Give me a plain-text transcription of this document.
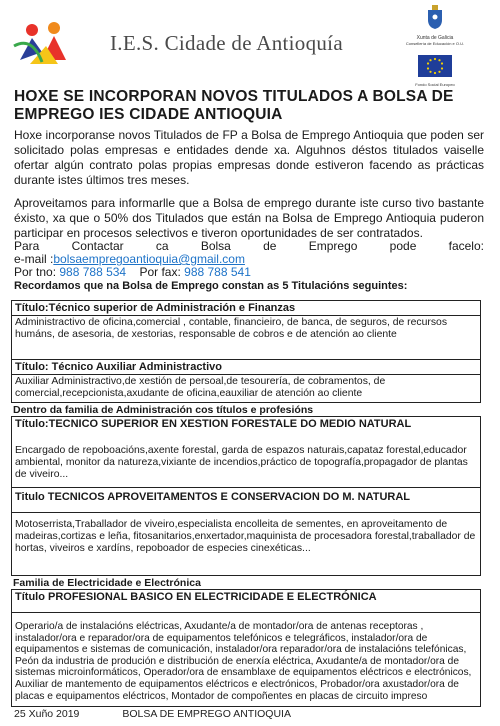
I.E.S. Cidade de Antioquía	Xunta de Galicia
Consellería de Educación e O.U.
Fondo Social Europeo
HOXE SE INCORPORAN NOVOS TITULADOS A BOLSA DE EMPREGO IES CIDADE ANTIOQUIA
Hoxe incorporanse novos Titulados de FP a Bolsa de Emprego Antioquia que poden ser solicitado polas empresas e entidades dende xa. Alguhnos déstos titulados vaiselle ofertar algún contrato polas propias empresas donde estiveron facendo as prácticas durante istes últimos tres meses.
Aproveitamos para informarlle que a Bolsa de emprego durante iste curso tivo bastante éxisto, xa que o 50% dos Titulados que están na Bolsa de Emprego Antioquia puderon participar en procesos selectivos e tiveron oportunidades de ser contratados.
Para	Contactar	ca	Bolsa	de	Emprego	pode	facelo:
e-mail :bolsaempregoantioquia@gmail.com
Por tno: 988 788 534 Por fax: 988 788 541
Recordamos que na Bolsa de Emprego constan as 5 Titulacións seguintes:
Título:Técnico superior de Administración e Finanzas
Administractivo de oficina,comercial , contable, financieiro, de banca, de seguros, de recursos humáns, de asesoria, de xestorias, responsable de cobros e de atención ao cliente
Título: Técnico Auxiliar Administractivo
Auxiliar Administractivo,de xestión de persoal,de tesourería, de cobramentos, de comercial,recepcionista,axudante de oficina,eauxiliar de atención ao cliente
Dentro da familia de Administración cos títulos e profesións
Título:TECNICO SUPERIOR EN XESTION FORESTALE DO MEDIO NATURAL
Encargado de repoboacións,axente forestal, garda de espazos naturais,capataz forestal,educador ambiental, monitor da natureza,vixiante de incendios,práctico de topografía,propagador de plantas de viveiro...
Titulo TECNICOS APROVEITAMENTOS E CONSERVACION DO M. NATURAL
Motoserrista,Traballador de viveiro,especialista encolleita de sementes, en aproveitamento de madeiras,cortizas e leña, fitosanitarios,enxertador,maquinista de procesadora forestal,traballador de hortas, viveiros e xardíns, repoboador de especies cinexéticas...
Familia de Electricidade e Electrónica
Título PROFESIONAL BASICO EN ELECTRICIDADE E ELECTRÓNICA
Operario/a de instalacións eléctricas, Axudante/a de montador/ora de antenas receptoras , instalador/ora e reparador/ora de equipamentos telefónicos e telegráficos, instalador/ora de equipamentos e sistemas de comunicación, instalador/ora reparador/ora de instalacións telefónicas, Peón da industria de produción e distribución de enerxía eléctrica, Axudante/a de montador/ora de sistemas microinformáticos, Operador/ora de ensamblaxe de equipamentos eléctricos e electrónicos, Auxiliar de mantemento de equipamentos eléctricos e electrónicos, Probador/ora axustador/ora de placas e equipamentos eléctricos, Montador de compoñentes en placas de circuito impreso
25 Xuño 2019	BOLSA DE EMPREGO ANTIOQUIA
